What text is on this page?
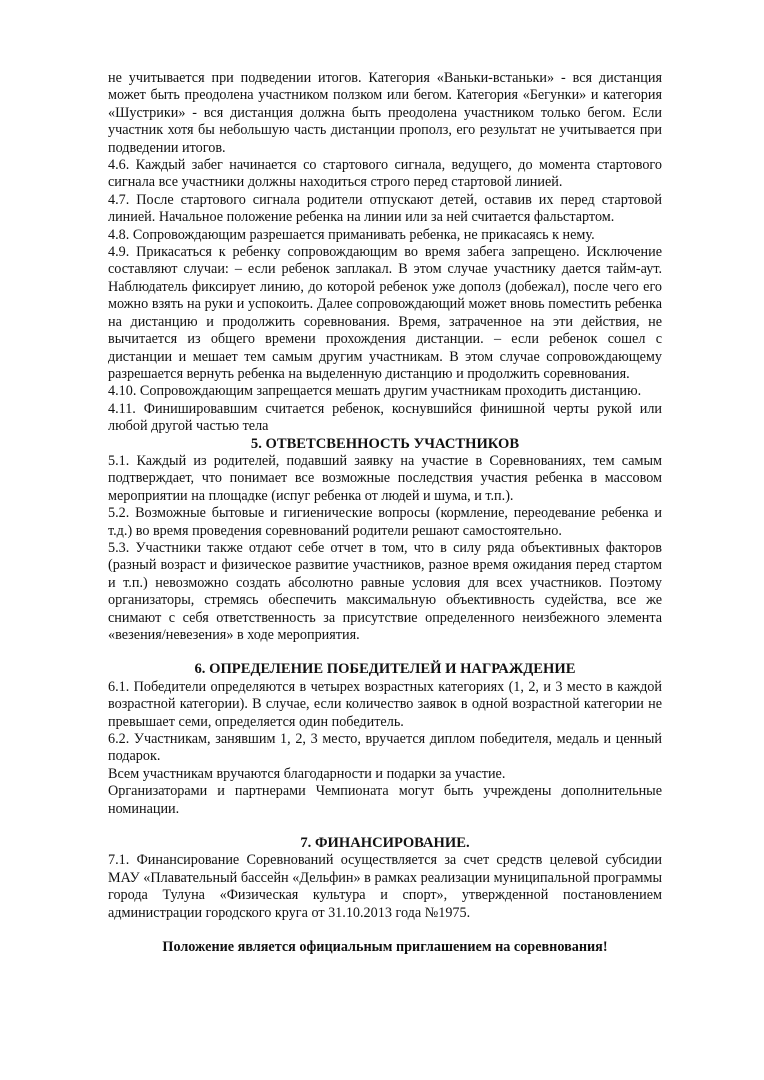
не учитывается при подведении итогов. Категория «Ваньки-встаньки» - вся дистанция может быть преодолена участником ползком или бегом. Категория «Бегунки» и категория «Шустрики» - вся дистанция должна быть преодолена участником только бегом. Если участник хотя бы небольшую часть дистанции прополз, его результат не учитывается при подведении итогов.

4.6. Каждый забег начинается со стартового сигнала, ведущего, до момента стартового сигнала все участники должны находиться строго перед стартовой линией.

4.7. После стартового сигнала родители отпускают детей, оставив их перед стартовой линией. Начальное положение ребенка на линии или за ней считается фальстартом.

4.8. Сопровождающим разрешается приманивать ребенка, не прикасаясь к нему.

4.9. Прикасаться к ребенку сопровождающим во время забега запрещено. Исключение составляют случаи: – если ребенок заплакал. В этом случае участнику дается тайм-аут. Наблюдатель фиксирует линию, до которой ребенок уже дополз (добежал), после чего его можно взять на руки и успокоить. Далее сопровождающий может вновь поместить ребенка на дистанцию и продолжить соревнования. Время, затраченное на эти действия, не вычитается из общего времени прохождения дистанции. – если ребенок сошел с дистанции и мешает тем самым другим участникам. В этом случае сопровождающему разрешается вернуть ребенка на выделенную дистанцию и продолжить соревнования.

4.10. Сопровождающим запрещается мешать другим участникам проходить дистанцию.

4.11. Финишировавшим считается ребенок, коснувшийся финишной черты рукой или любой другой частью тела

5. ОТВЕТСВЕННОСТЬ УЧАСТНИКОВ

5.1. Каждый из родителей, подавший заявку на участие в Соревнованиях, тем самым подтверждает, что понимает все возможные последствия участия ребенка в массовом мероприятии на площадке (испуг ребенка от людей и шума, и т.п.).

5.2. Возможные бытовые и гигиенические вопросы (кормление, переодевание ребенка и т.д.) во время проведения соревнований родители решают самостоятельно.

5.3. Участники также отдают себе отчет в том, что в силу ряда объективных факторов (разный возраст и физическое развитие участников, разное время ожидания перед стартом и т.п.) невозможно создать абсолютно равные условия для всех участников. Поэтому организаторы, стремясь обеспечить максимальную объективность судейства, все же снимают с себя ответственность за присутствие определенного неизбежного элемента «везения/невезения» в ходе мероприятия.

6. ОПРЕДЕЛЕНИЕ ПОБЕДИТЕЛЕЙ И НАГРАЖДЕНИЕ

6.1. Победители определяются в четырех возрастных категориях (1, 2, и 3 место в каждой возрастной категории). В случае, если количество заявок в одной возрастной категории не превышает семи, определяется один победитель.

6.2. Участникам, занявшим 1, 2, 3 место, вручается диплом победителя, медаль и ценный подарок.

Всем участникам вручаются благодарности и подарки за участие.

Организаторами и партнерами Чемпионата могут быть учреждены дополнительные номинации.

7. ФИНАНСИРОВАНИЕ.

7.1. Финансирование Соревнований осуществляется за счет средств целевой субсидии МАУ «Плавательный бассейн «Дельфин» в рамках реализации муниципальной программы города Тулуна «Физическая культура и спорт», утвержденной постановлением администрации городского круга от 31.10.2013 года №1975.

Положение является официальным приглашением на соревнования!
